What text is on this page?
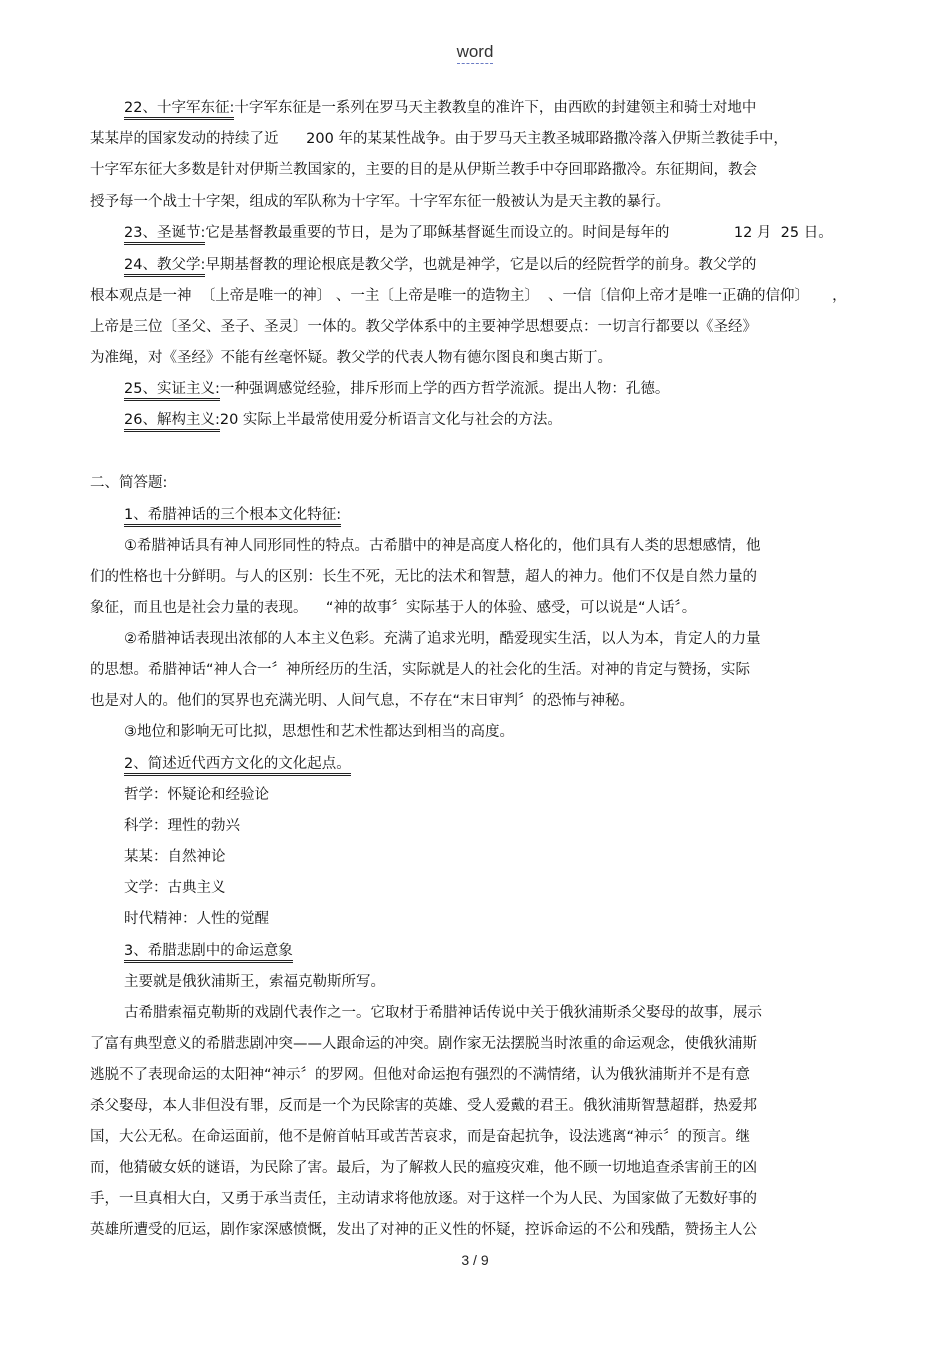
word
22、十字军东征:十字军东征是一系列在罗马天主教教皇的准许下，由西欧的封建领主和骑士对地中
某某岸的国家发动的持续了近      200 年的某某性战争。由于罗马天主教圣城耶路撒冷落入伊斯兰教徒手中，
十字军东征大多数是针对伊斯兰教国家的，主要的目的是从伊斯兰教手中夺回耶路撒冷。东征期间，教会
授予每一个战士十字架，组成的军队称为十字军。十字军东征一般被认为是天主教的暴行。
23、圣诞节:它是基督教最重要的节日，是为了耶稣基督诞生而设立的。时间是每年的              12 月  25 日。
24、教父学:早期基督教的理论根底是教父学，也就是神学，它是以后的经院哲学的前身。教父学的
根本观点是一神  〔上帝是唯一的神〕 、一主〔上帝是唯一的造物主〕  、一信〔信仰上帝才是唯一正确的信仰〕     ，
上帝是三位〔圣父、圣子、圣灵〕一体的。教父学体系中的主要神学思想要点：一切言行都要以《圣经》
为准绳，对《圣经》不能有丝毫怀疑。教父学的代表人物有德尔图良和奥古斯丁。
25、实证主义:一种强调感觉经验，排斥形而上学的西方哲学流派。提出人物：孔德。
26、解构主义:20 实际上半最常使用爱分析语言文化与社会的方法。
二、简答题:
1、希腊神话的三个根本文化特征:
①希腊神话具有神人同形同性的特点。古希腊中的神是高度人格化的，他们具有人类的思想感情，他
们的性格也十分鲜明。与人的区别：长生不死，无比的法术和智慧，超人的神力。他们不仅是自然力量的
象征，而且也是社会力量的表现。    “神的故事〞实际基于人的体验、感受，可以说是“人话〞。
②希腊神话表现出浓郁的人本主义色彩。充满了追求光明，酷爱现实生活，以人为本，肯定人的力量
的思想。希腊神话“神人合一〞神所经历的生活，实际就是人的社会化的生活。对神的肯定与赞扬，实际
也是对人的。他们的冥界也充满光明、人间气息，不存在“末日审判〞的恐怖与神秘。
③地位和影响无可比拟，思想性和艺术性都达到相当的高度。
2、简述近代西方文化的文化起点。
哲学：怀疑论和经验论
科学：理性的勃兴
某某：自然神论
文学：古典主义
时代精神：人性的觉醒
3、希腊悲剧中的命运意象
主要就是俄狄浦斯王，索福克勒斯所写。
古希腊索福克勒斯的戏剧代表作之一。它取材于希腊神话传说中关于俄狄浦斯杀父娶母的故事，展示
了富有典型意义的希腊悲剧冲突——人跟命运的冲突。剧作家无法摆脱当时浓重的命运观念，使俄狄浦斯
逃脱不了表现命运的太阳神“神示〞的罗网。但他对命运抱有强烈的不满情绪，认为俄狄浦斯并不是有意
杀父娶母，本人非但没有罪，反而是一个为民除害的英雄、受人爱戴的君王。俄狄浦斯智慧超群，热爱邦
国，大公无私。在命运面前，他不是俯首帖耳或苦苦哀求，而是奋起抗争，设法逃离“神示〞的预言。继
而，他猜破女妖的谜语，为民除了害。最后，为了解救人民的瘟疫灾难，他不顾一切地追查杀害前王的凶
手，一旦真相大白，又勇于承当责任，主动请求将他放逐。对于这样一个为人民、为国家做了无数好事的
英雄所遭受的厄运，剧作家深感愤慨，发出了对神的正义性的怀疑，控诉命运的不公和残酷，赞扬主人公
3 / 9
